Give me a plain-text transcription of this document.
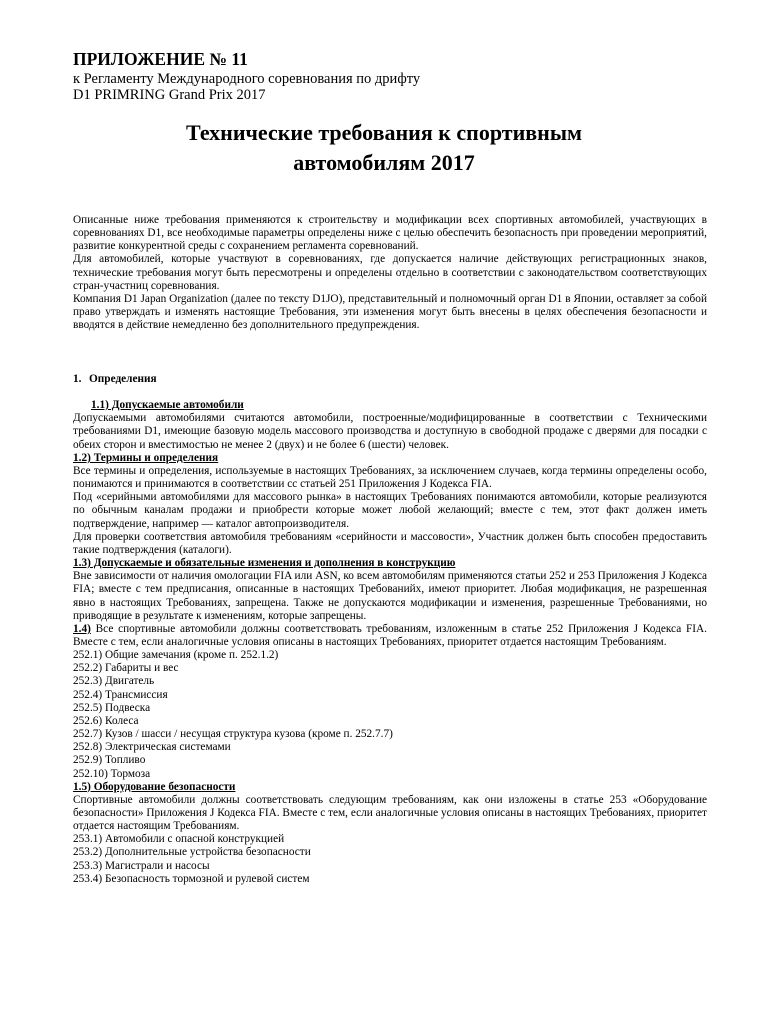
ПРИЛОЖЕНИЕ № 11
к Регламенту Международного соревнования по дрифту
D1 PRIMRING Grand Prix 2017
Технические требования к спортивным
автомобилям 2017

Описанные ниже требования применяются к строительству и модификации всех спортивных автомобилей, участвующих в соревнованиях D1, все необходимые параметры определены ниже с целью обеспечить безопасность при проведении мероприятий, развитие конкурентной среды с сохранением регламента соревнований.

Для автомобилей, которые участвуют в соревнованиях, где допускается наличие действующих регистрационных знаков, технические требования могут быть пересмотрены и определены отдельно в соответствии с законодательством соответствующих стран-участниц соревнования.

Компания D1 Japan Organization (далее по тексту D1JO), представительный и полномочный орган D1 в Японии, оставляет за собой право утверждать и изменять настоящие Требования, эти изменения могут быть внесены в целях обеспечения безопасности и вводятся в действие немедленно без дополнительного предупреждения.

1. Определения

1.1) Допускаемые автомобили

Допускаемыми автомобилями считаются автомобили, построенные/модифицированные в соответствии с Техническими требованиями D1, имеющие базовую модель массового производства и доступную в свободной продаже с дверями для посадки с обеих сторон и вместимостью не менее 2 (двух) и не более 6 (шести) человек.

1.2) Термины и определения

Все термины и определения, используемые в настоящих Требованиях, за исключением случаев, когда термины определены особо, понимаются и принимаются в соответствии сс статьей 251 Приложения J Кодекса FIA.

Под «серийными автомобилями для массового рынка» в настоящих Требованиях понимаются автомобили, которые реализуются по обычным каналам продажи и приобрести которые может любой желающий; вместе с тем, этот факт должен иметь подтверждение, например — каталог автопроизводителя.

Для проверки соответствия автомобиля требованиям «серийности и массовости», Участник должен быть способен предоставить такие подтверждения (каталоги).

1.3) Допускаемые и обязательные изменения и дополнения в конструкцию

Вне зависимости от наличия омологации FIA или ASN, ко всем автомобилям применяются статьи 252 и 253 Приложения J Кодекса FIA; вместе с тем предписания, описанные в настоящих Требованийх, имеют приоритет. Любая модификация, не разрешенная явно в настоящих Требованиях, запрещена. Также не допускаются модификации и изменения, разрешенные Требованиями, но приводящие в результате к изменениям, которые запрещены.

1.4) Все спортивные автомобили должны соответствовать требованиям, изложенным в статье 252 Приложения J Кодекса FIA. Вместе с тем, если аналогичные условия описаны в настоящих Требованиях, приоритет отдается настоящим Требованиям.

252.1) Общие замечания (кроме п. 252.1.2)

252.2) Габариты и вес

252.3) Двигатель

252.4) Трансмиссия

252.5) Подвеска

252.6) Колеса

252.7) Кузов / шасси / несущая структура кузова (кроме п. 252.7.7)

252.8) Электрическая системами

252.9) Топливо

252.10) Тормоза

1.5) Оборудование безопасности

Спортивные автомобили должны соответствовать следующим требованиям, как они изложены в статье 253 «Оборудование безопасности» Приложения J Кодекса FIA. Вместе с тем, если аналогичные условия описаны в настоящих Требованиях, приоритет отдается настоящим Требованиям.

253.1) Автомобили с опасной конструкцией

253.2) Дополнительные устройства безопасности

253.3) Магистрали и насосы

253.4) Безопасность тормозной и рулевой систем
